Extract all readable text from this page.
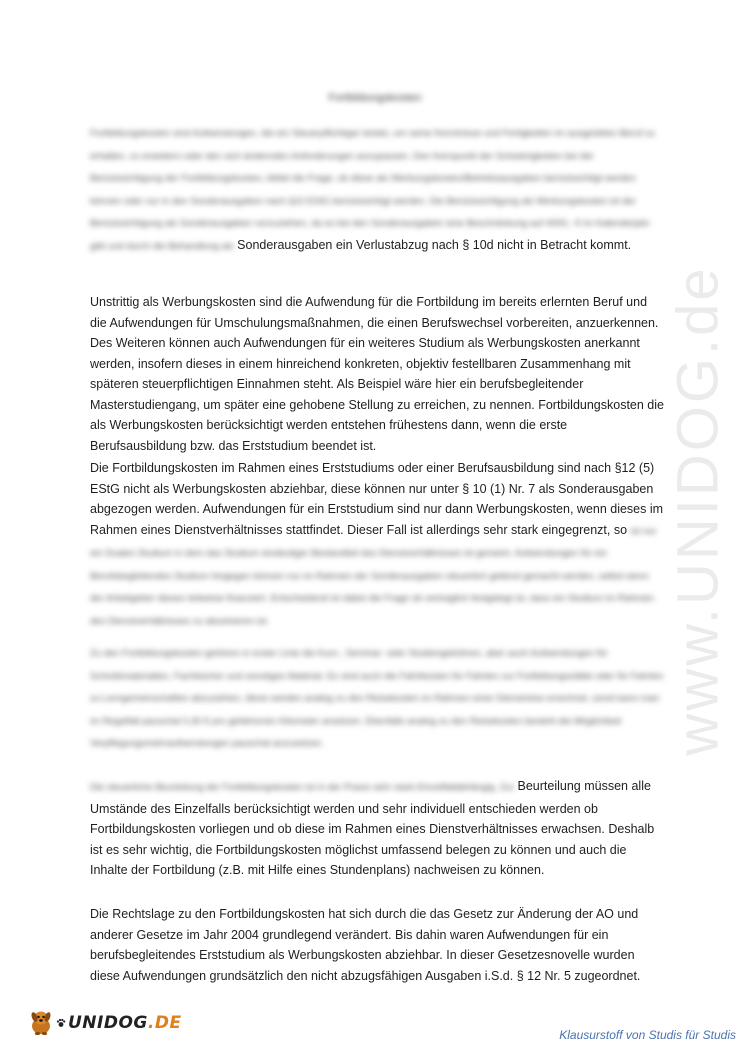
www.UNIDOG.de
Fortbildungskosten

Fortbildungskosten sind Aufwendungen, die ein Steuerpflichtiger leistet, um seine Kenntnisse und Fertigkeiten im ausgeübten Beruf zu erhalten, zu erweitern oder den sich ändernden Anforderungen anzupassen. Den Kernpunkt der Schwierigkeiten bei der Berücksichtigung der Fortbildungskosten, bildet die Frage, ob diese als Werbungskosten/Betriebsausgaben berücksichtigt werden können oder nur in den Sonderausgaben nach §10 EStG berücksichtigt werden. Die Berücksichtigung als Werbungskosten ist der Berücksichtigung als Sonderausgaben vorzuziehen, da es bei den Sonderausgaben eine Beschränkung auf 4000,- € im Kalenderjahr gibt und durch die Behandlung als Sonderausgaben ein Verlustabzug nach § 10d nicht in Betracht kommt.

Unstrittig als Werbungskosten sind die Aufwendung für die Fortbildung im bereits erlernten Beruf und die Aufwendungen für Umschulungsmaßnahmen, die einen Berufswechsel vorbereiten, anzuerkennen. Des Weiteren können auch Aufwendungen für ein weiteres Studium als Werbungskosten anerkannt werden, insofern dieses in einem hinreichend konkreten, objektiv festellbaren Zusammenhang mit späteren steuerpflichtigen Einnahmen steht. Als Beispiel wäre hier ein berufsbegleitender Masterstudiengang, um später eine gehobene Stellung zu erreichen, zu nennen. Fortbildungskosten die als Werbungskosten berücksichtigt werden entstehen frühestens dann, wenn die erste Berufsausbildung bzw. das Erststudium beendet ist.

Die Fortbildungskosten im Rahmen eines Erststudiums oder einer Berufsausbildung sind nach §12 (5) EStG nicht als Werbungskosten abziehbar, diese können nur unter § 10 (1) Nr. 7 als Sonderausgaben abgezogen werden. Aufwendungen für ein Erststudium sind nur dann Werbungskosten, wenn dieses im Rahmen eines Dienstverhältnisses stattfindet. Dieser Fall ist allerdings sehr stark eingegrenzt, so ist nur ein Duales Studium in dem das Studium eindeutiger Bestandteil des Dienstverhältnisses ist gemeint. Aufwendungen für ein Berufsbegleitendes Studium hingegen können nur im Rahmen der Sonderausgaben steuerlich geltend gemacht werden, selbst wenn der Arbeitgeber dieses teilweise finanziert. Entscheidend ist dabei die Frage ob vertraglich festgelegt ist, dass ein Studium im Rahmen des Dienstverhältnisses zu absolvieren ist.

Zu den Fortbildungskosten gehören in erster Linie die Kurs-, Seminar- oder Studiengebühren, aber auch Aufwendungen für Schreibmaterialien, Fachbücher und sonstiges Material. Es sind auch die Fahrtkosten für Fahrten zur Fortbildungsstätte oder für Fahrten zu Lerngemeinschaften abzuziehen, diese werden analog zu den Reisekosten im Rahmen einer Dienstreise errechnet, somit kann man im Regelfall pauschal 0,30 € pro gefahrenen Kilometer ansetzen. Ebenfalls analog zu den Reisekosten besteht die Möglichkeit Verpflegungsmehraufwendungen pauschal anzusetzen.

Die steuerliche Beurteilung der Fortbildungskosten ist in der Praxis sehr stark Einzelfallabhängig. Zur Beurteilung müssen alle Umstände des Einzelfalls berücksichtigt werden und sehr individuell entschieden werden ob Fortbildungskosten vorliegen und ob diese im Rahmen eines Dienstverhältnisses erwachsen. Deshalb ist es sehr wichtig, die Fortbildungskosten möglichst umfassend belegen zu können und auch die Inhalte der Fortbildung (z.B. mit Hilfe eines Stundenplans) nachweisen zu können.

Die Rechtslage zu den Fortbildungskosten hat sich durch die das Gesetz zur Änderung der AO und anderer Gesetze im Jahr 2004 grundlegend verändert. Bis dahin waren Aufwendungen für ein berufsbegleitendes Erststudium als Werbungskosten abziehbar. In dieser Gesetzesnovelle wurden diese Aufwendungen grundsätzlich den nicht abzugsfähigen Ausgaben i.S.d. § 12 Nr. 5 zugeordnet.

UNIDOG.DE
Klausurstoff von Studis für Studis
